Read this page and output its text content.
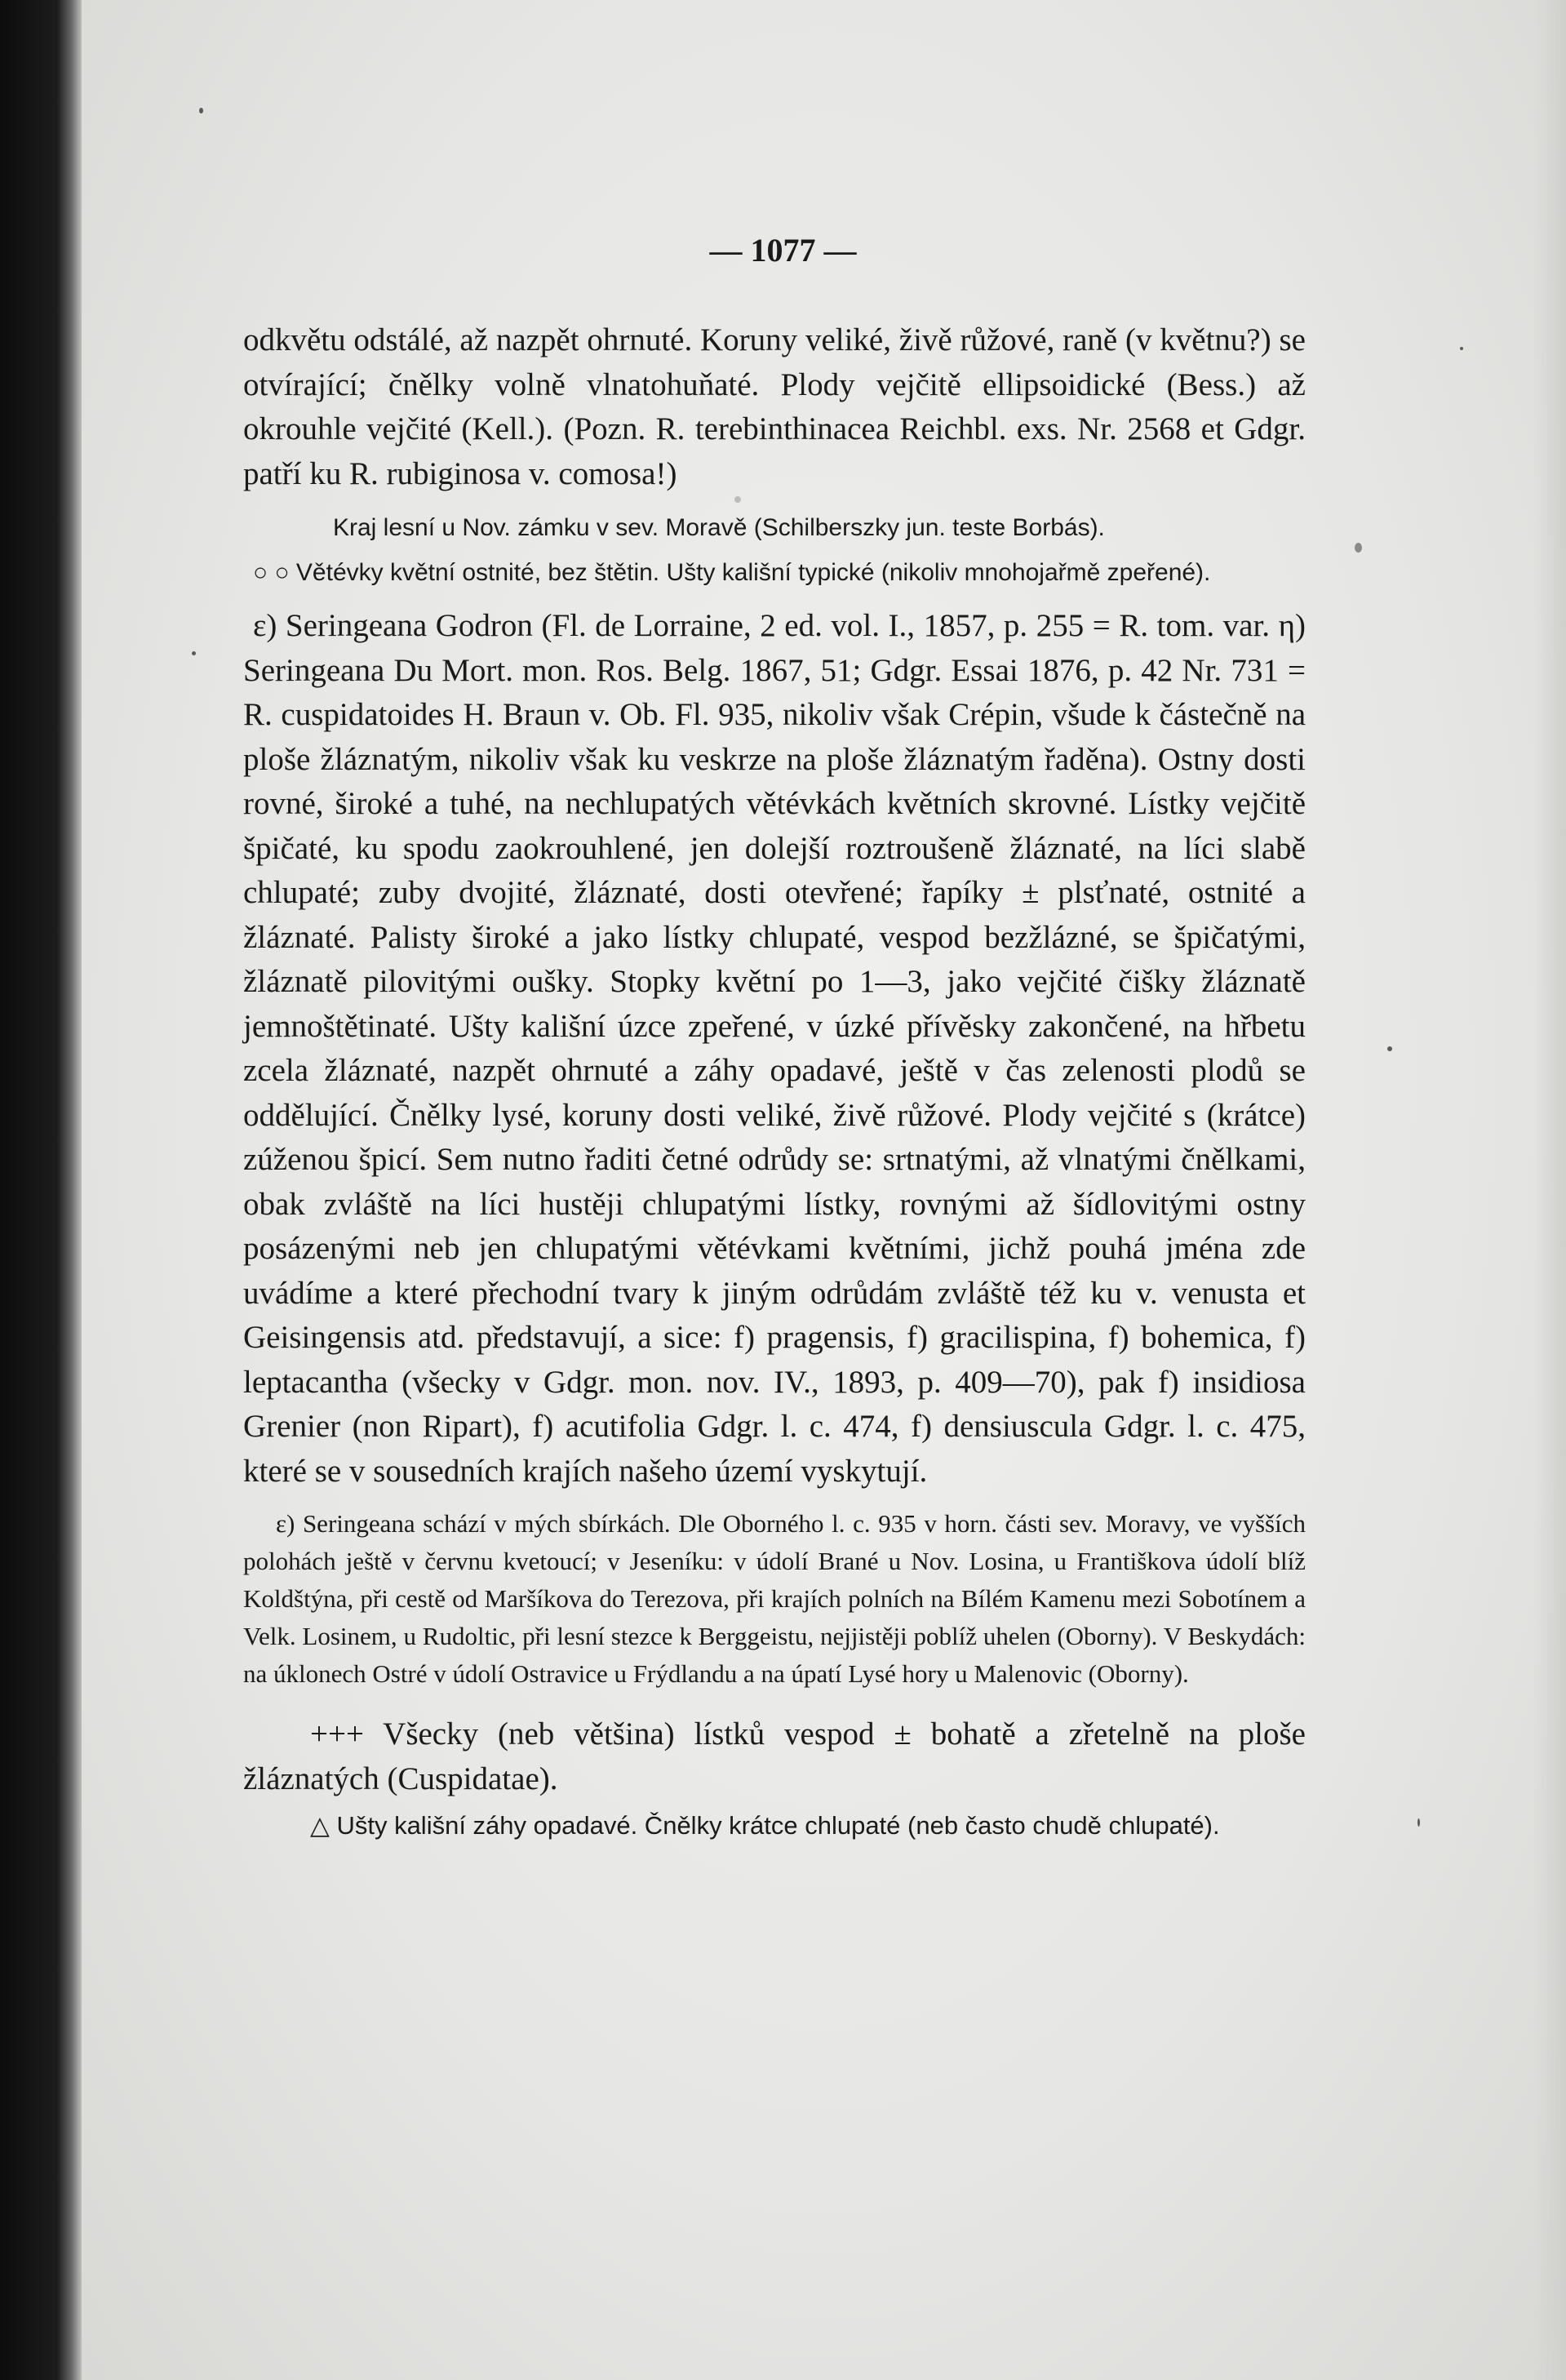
— 1077 —

odkvětu odstálé, až nazpět ohrnuté. Koruny veliké, živě růžové, raně (v květnu?) se otvírající; čnělky volně vlnatohuňaté. Plody vejčitě ellipsoidické (Bess.) až okrouhle vejčité (Kell.). (Pozn. R. terebinthinacea Reichbl. exs. Nr. 2568 et Gdgr. patří ku R. rubiginosa v. comosa!)

Kraj lesní u Nov. zámku v sev. Moravě (Schilberszky jun. teste Borbás).

○ ○ Větévky květní ostnité, bez štětin. Ušty kališní typické (nikoliv mnohojařmě zpeřené).

ε) Seringeana Godron (Fl. de Lorraine, 2 ed. vol. I., 1857, p. 255 = R. tom. var. η) Seringeana Du Mort. mon. Ros. Belg. 1867, 51; Gdgr. Essai 1876, p. 42 Nr. 731 = R. cuspidatoides H. Braun v. Ob. Fl. 935, nikoliv však Crépin, všude k částečně na ploše žláznatým, nikoliv však ku veskrze na ploše žláznatým řaděna). Ostny dosti rovné, široké a tuhé, na nechlupatých větévkách květních skrovné. Lístky vejčitě špičaté, ku spodu zaokrouhlené, jen dolejší roztroušeně žláznaté, na líci slabě chlupaté; zuby dvojité, žláznaté, dosti otevřené; řapíky ± plsťnaté, ostnité a žláznaté. Palisty široké a jako lístky chlupaté, vespod bezžlázné, se špičatými, žláznatě pilovitými oušky. Stopky květní po 1—3, jako vejčité čišky žláznatě jemnoštětinaté. Ušty kališní úzce zpeřené, v úzké přívěsky zakončené, na hřbetu zcela žláznaté, nazpět ohrnuté a záhy opadavé, ještě v čas zelenosti plodů se oddělující. Čnělky lysé, koruny dosti veliké, živě růžové. Plody vejčité s (krátce) zúženou špicí. Sem nutno řaditi četné odrůdy se: srtnatými, až vlnatými čnělkami, obak zvláště na líci hustěji chlupatými lístky, rovnými až šídlovitými ostny posázenými neb jen chlupatými větévkami květními, jichž pouhá jména zde uvádíme a které přechodní tvary k jiným odrůdám zvláště též ku v. venusta et Geisingensis atd. představují, a sice: f) pragensis, f) gracilispina, f) bohemica, f) leptacantha (všecky v Gdgr. mon. nov. IV., 1893, p. 409—70), pak f) insidiosa Grenier (non Ripart), f) acutifolia Gdgr. l. c. 474, f) densiuscula Gdgr. l. c. 475, které se v sousedních krajích našeho území vyskytují.

ε) Seringeana schází v mých sbírkách. Dle Oborného l. c. 935 v horn. části sev. Moravy, ve vyšších polohách ještě v červnu kvetoucí; v Jeseníku: v údolí Brané u Nov. Losina, u Františkova údolí blíž Koldštýna, při cestě od Maršíkova do Terezova, při krajích polních na Bílém Kamenu mezi Sobotínem a Velk. Losinem, u Rudoltic, při lesní stezce k Berggeistu, nejjistěji poblíž uhelen (Oborny). V Beskydách: na úklonech Ostré v údolí Ostravice u Frýdlandu a na úpatí Lysé hory u Malenovic (Oborny).

+++ Všecky (neb většina) lístků vespod ± bohatě a zřetelně na ploše žláznatých (Cuspidatae).

△ Ušty kališní záhy opadavé. Čnělky krátce chlupaté (neb často chudě chlupaté).
